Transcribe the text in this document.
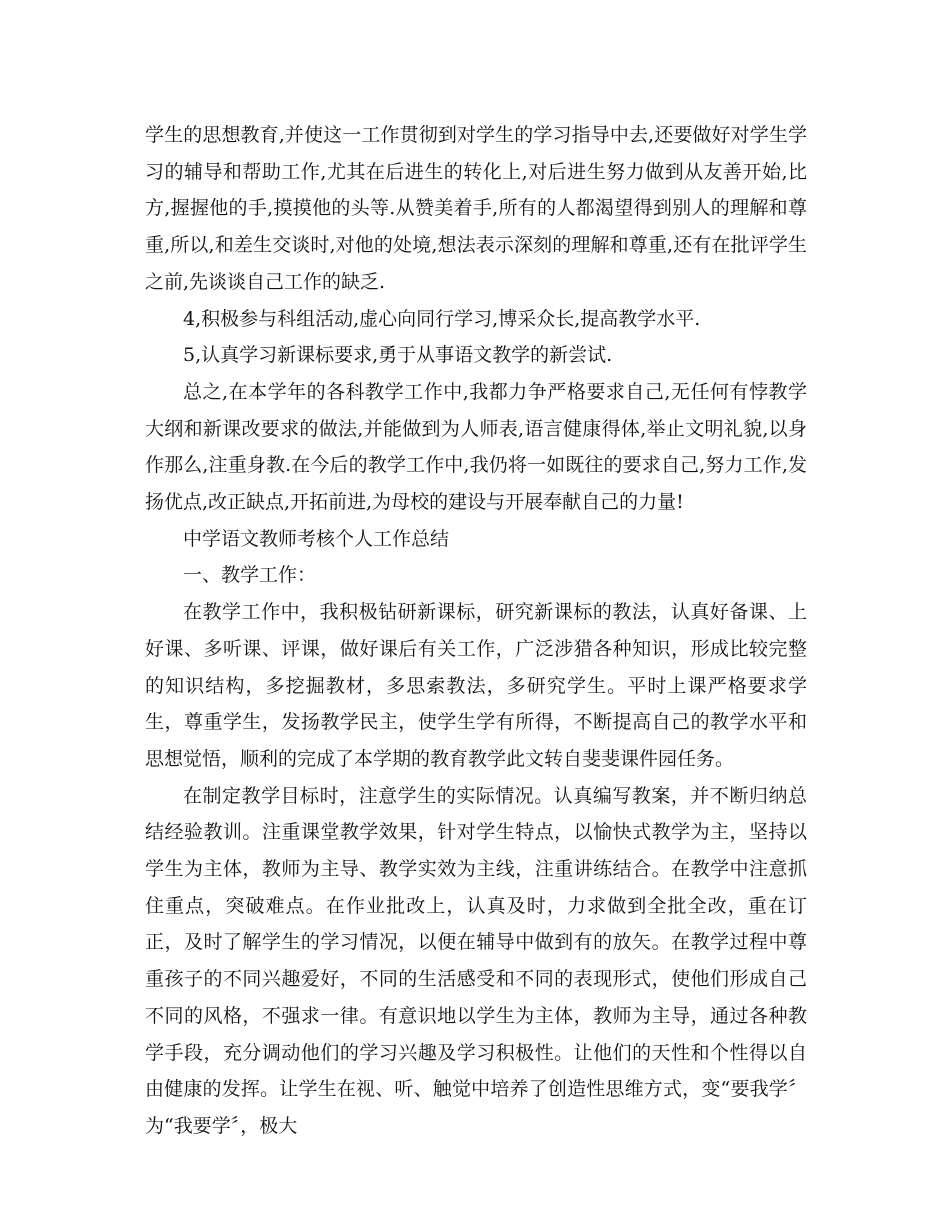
学生的思想教育,并使这一工作贯彻到对学生的学习指导中去,还要做好对学生学习的辅导和帮助工作,尤其在后进生的转化上,对后进生努力做到从友善开始,比方,握握他的手,摸摸他的头等.从赞美着手,所有的人都渴望得到别人的理解和尊重,所以,和差生交谈时,对他的处境,想法表示深刻的理解和尊重,还有在批评学生之前,先谈谈自己工作的缺乏.

4,积极参与科组活动,虚心向同行学习,博采众长,提高教学水平.

5,认真学习新课标要求,勇于从事语文教学的新尝试.

总之,在本学年的各科教学工作中,我都力争严格要求自己,无任何有悖教学大纲和新课改要求的做法,并能做到为人师表,语言健康得体,举止文明礼貌,以身作那么,注重身教.在今后的教学工作中,我仍将一如既往的要求自己,努力工作,发扬优点,改正缺点,开拓前进,为母校的建设与开展奉献自己的力量!

中学语文教师考核个人工作总结

一、教学工作：

在教学工作中，我积极钻研新课标，研究新课标的教法，认真好备课、上好课、多听课、评课，做好课后有关工作，广泛涉猎各种知识，形成比较完整的知识结构，多挖掘教材，多思索教法，多研究学生。平时上课严格要求学生，尊重学生，发扬教学民主，使学生学有所得，不断提高自己的教学水平和思想觉悟，顺利的完成了本学期的教育教学此文转自斐斐课件园任务。

在制定教学目标时，注意学生的实际情况。认真编写教案，并不断归纳总结经验教训。注重课堂教学效果，针对学生特点，以愉快式教学为主，坚持以学生为主体，教师为主导、教学实效为主线，注重讲练结合。在教学中注意抓住重点，突破难点。在作业批改上，认真及时，力求做到全批全改，重在订正，及时了解学生的学习情况，以便在辅导中做到有的放矢。在教学过程中尊重孩子的不同兴趣爱好，不同的生活感受和不同的表现形式，使他们形成自己不同的风格，不强求一律。有意识地以学生为主体，教师为主导，通过各种教学手段，充分调动他们的学习兴趣及学习积极性。让他们的天性和个性得以自由健康的发挥。让学生在视、听、触觉中培养了创造性思维方式，变“要我学〞为“我要学〞，极大
